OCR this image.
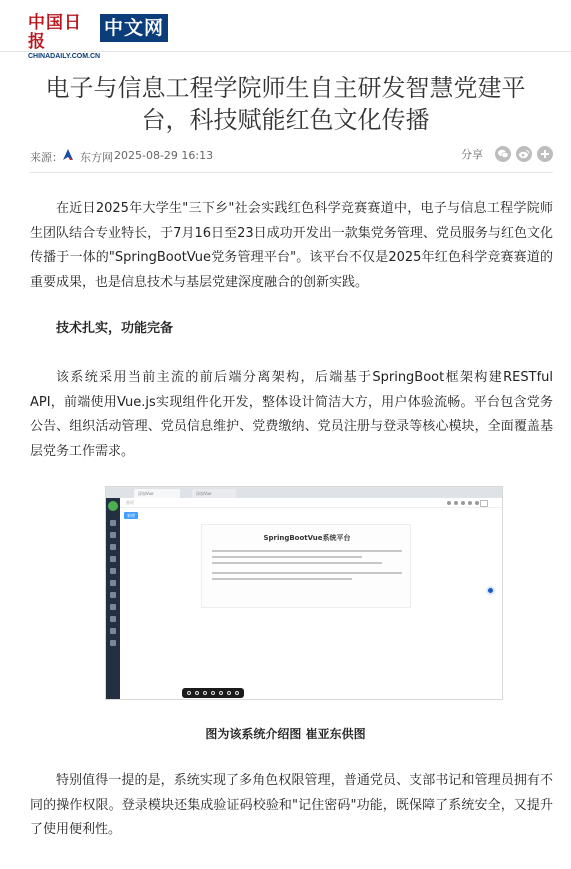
中国日报
CHINADAILY.COM.CN
中文网
电子与信息工程学院师生自主研发智慧党建平台，科技赋能红色文化传播
来源： 东方网 2025-08-29 16:13	分享

在近日2025年大学生"三下乡"社会实践红色科学竞赛赛道中，电子与信息工程学院师生团队结合专业特长，于7月16日至23日成功开发出一款集党务管理、党员服务与红色文化传播于一体的"SpringBootVue党务管理平台"。该平台不仅是2025年红色科学竞赛赛道的重要成果，也是信息技术与基层党建深度融合的创新实践。

技术扎实，功能完备

该系统采用当前主流的前后端分离架构，后端基于SpringBoot框架构建RESTful API，前端使用Vue.js实现组件化开发，整体设计简洁大方，用户体验流畅。平台包含党务公告、组织活动管理、党员信息维护、党费缴纳、党员注册与登录等核心模块，全面覆盖基层党务工作需求。

添加Vue	添加Vue
首页
新增
SpringBootVue系统平台

图为该系统介绍图 崔亚东供图

特别值得一提的是，系统实现了多角色权限管理，普通党员、支部书记和管理员拥有不同的操作权限。登录模块还集成验证码校验和"记住密码"功能，既保障了系统安全，又提升了使用便利性。
